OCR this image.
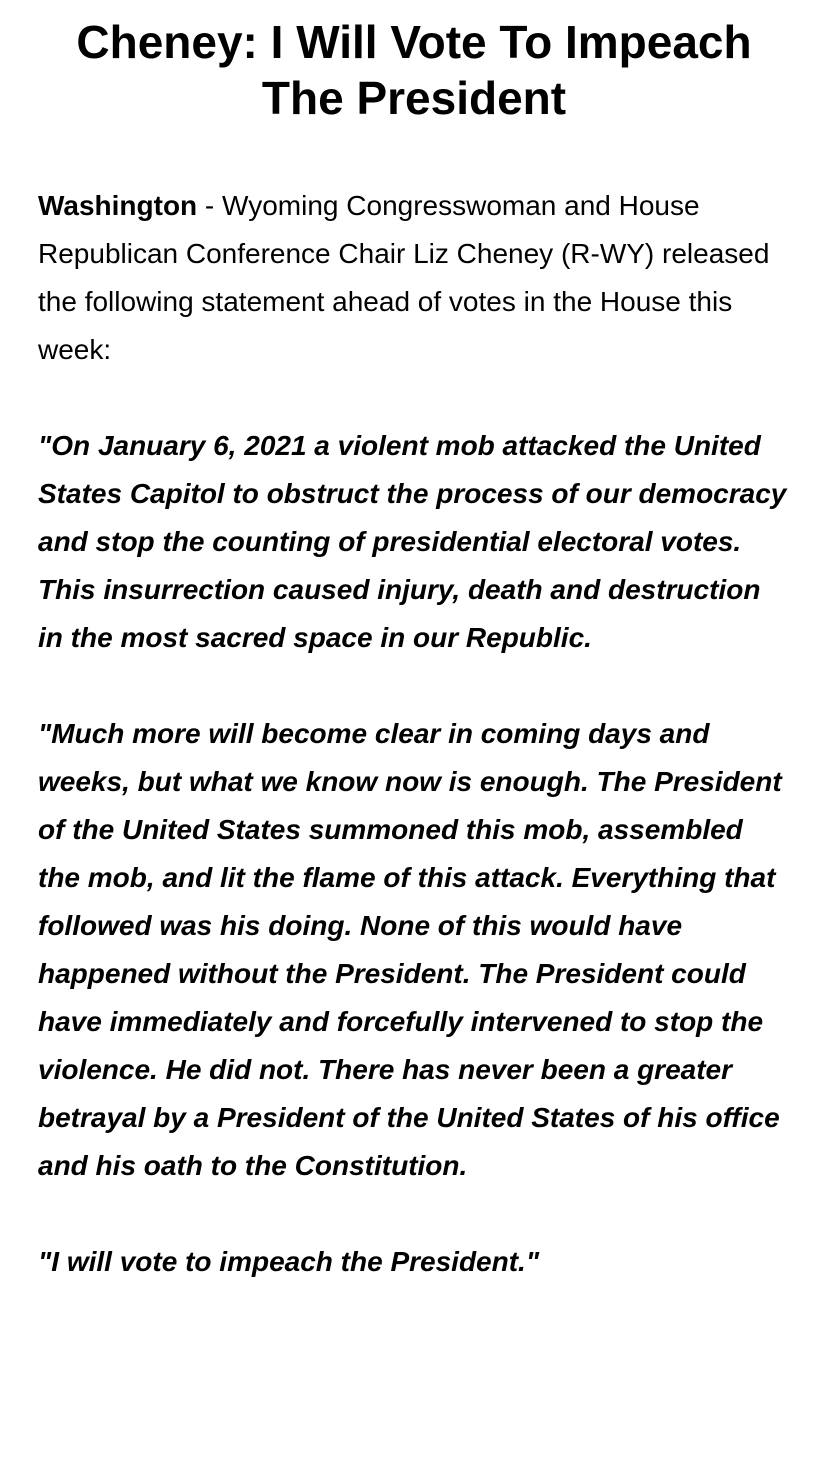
Cheney: I Will Vote To Impeach The President

Washington - Wyoming Congresswoman and House Republican Conference Chair Liz Cheney (R-WY) released the following statement ahead of votes in the House this week:

"On January 6, 2021 a violent mob attacked the United States Capitol to obstruct the process of our democracy and stop the counting of presidential electoral votes. This insurrection caused injury, death and destruction in the most sacred space in our Republic.

"Much more will become clear in coming days and weeks, but what we know now is enough. The President of the United States summoned this mob, assembled the mob, and lit the flame of this attack. Everything that followed was his doing. None of this would have happened without the President. The President could have immediately and forcefully intervened to stop the violence. He did not. There has never been a greater betrayal by a President of the United States of his office and his oath to the Constitution.

"I will vote to impeach the President."
